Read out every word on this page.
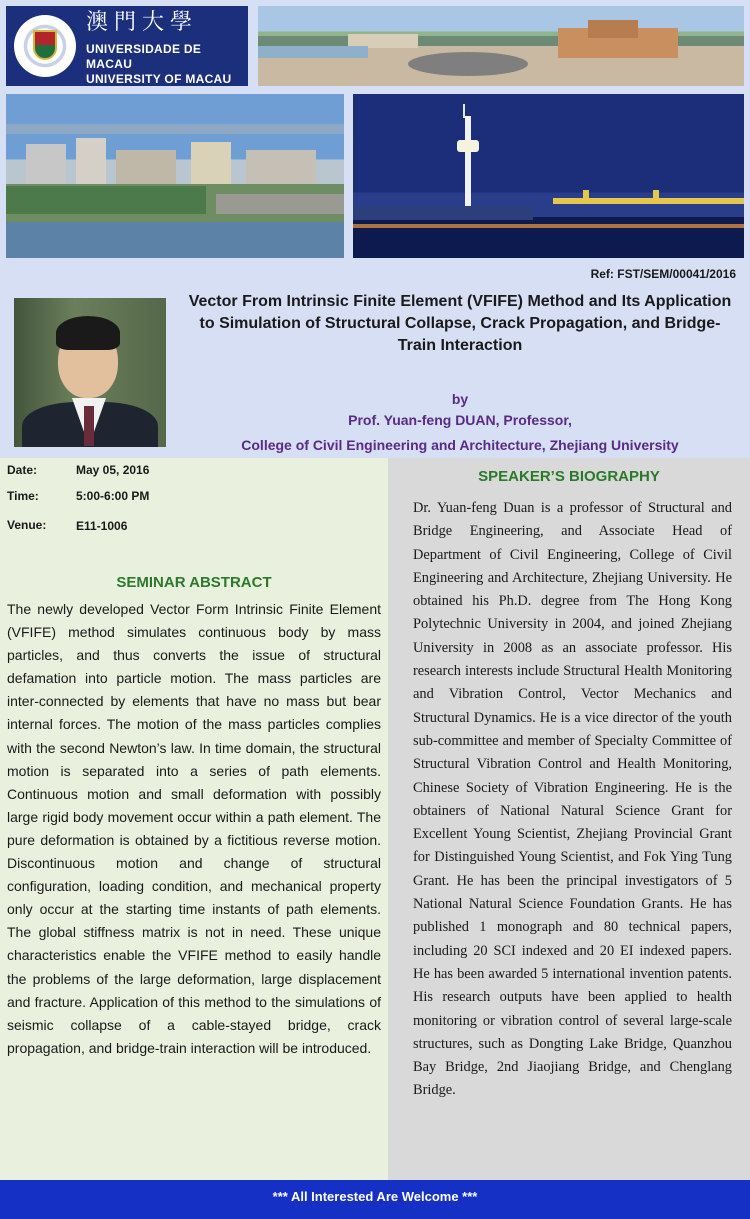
澳門大學
UNIVERSIDADE DE MACAU
UNIVERSITY OF MACAU
Ref: FST/SEM/00041/2016
Vector From Intrinsic Finite Element (VFIFE) Method and Its Application to Simulation of Structural Collapse, Crack Propagation, and Bridge-Train Interaction
by
Prof. Yuan-feng DUAN, Professor,
College of Civil Engineering and Architecture, Zhejiang University
Date:	May 05, 2016
Time:	5:00-6:00 PM
Venue: E11-1006
SEMINAR ABSTRACT
The newly developed Vector Form Intrinsic Finite Element (VFIFE) method simulates continuous body by mass particles, and thus converts the issue of structural defamation into particle motion. The mass particles are inter-connected by elements that have no mass but bear internal forces. The motion of the mass particles complies with the second Newton’s law. In time domain, the structural motion is separated into a series of path elements. Continuous motion and small deformation with possibly large rigid body movement occur within a path element. The pure deformation is obtained by a fictitious reverse motion. Discontinuous motion and change of structural configuration, loading condition, and mechanical property only occur at the starting time instants of path elements. The global stiffness matrix is not in need. These unique characteristics enable the VFIFE method to easily handle the problems of the large deformation, large displacement and fracture. Application of this method to the simulations of seismic collapse of a cable-stayed bridge, crack propagation, and bridge-train interaction will be introduced.
SPEAKER’S BIOGRAPHY
Dr. Yuan-feng Duan is a professor of Structural and Bridge Engineering, and Associate Head of Department of Civil Engineering, College of Civil Engineering and Architecture, Zhejiang University. He obtained his Ph.D. degree from The Hong Kong Polytechnic University in 2004, and joined Zhejiang University in 2008 as an associate professor. His research interests include Structural Health Monitoring and Vibration Control, Vector Mechanics and Structural Dynamics. He is a vice director of the youth sub-committee and member of Specialty Committee of Structural Vibration Control and Health Monitoring, Chinese Society of Vibration Engineering. He is the obtainers of National Natural Science Grant for Excellent Young Scientist, Zhejiang Provincial Grant for Distinguished Young Scientist, and Fok Ying Tung Grant. He has been the principal investigators of 5 National Natural Science Foundation Grants. He has published 1 monograph and 80 technical papers, including 20 SCI indexed and 20 EI indexed papers. He has been awarded 5 international invention patents. His research outputs have been applied to health monitoring or vibration control of several large-scale structures, such as Dongting Lake Bridge, Quanzhou Bay Bridge, 2nd Jiaojiang Bridge, and Chenglang Bridge.
*** All Interested Are Welcome ***
